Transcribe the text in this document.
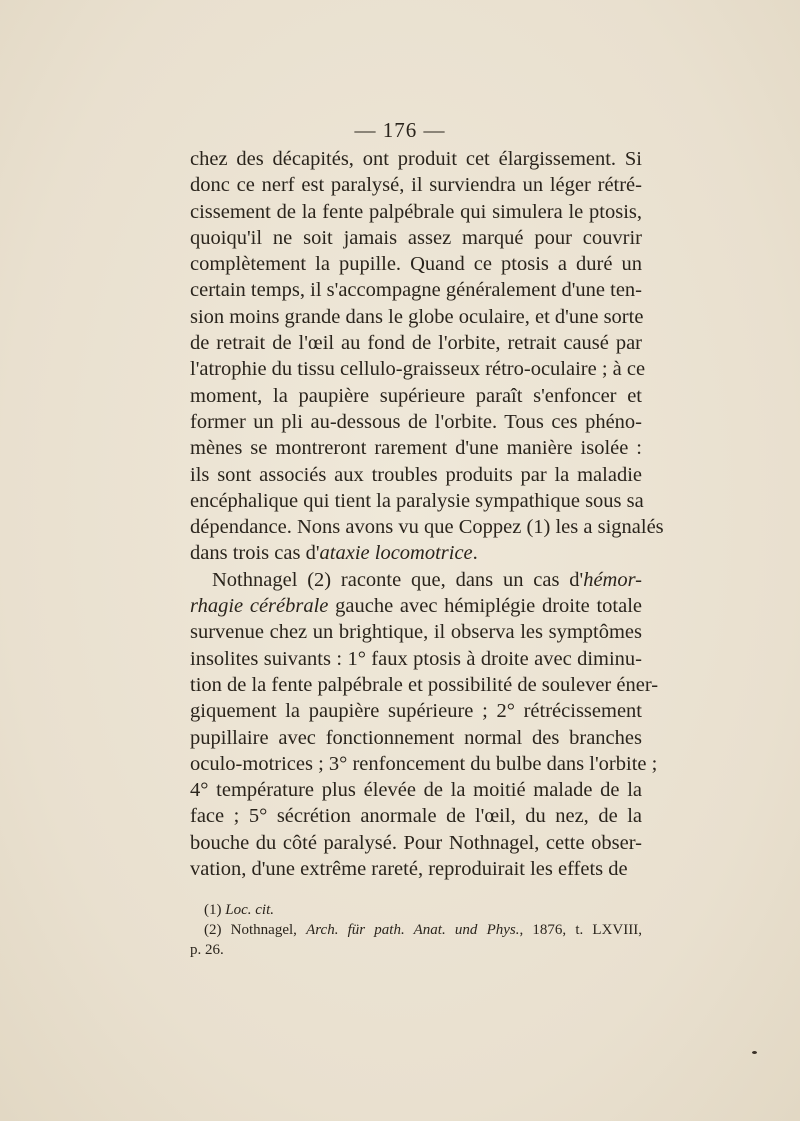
— 176 —
chez des décapités, ont produit cet élargissement. Si
donc ce nerf est paralysé, il surviendra un léger rétré-
cissement de la fente palpébrale qui simulera le ptosis,
quoiqu'il ne soit jamais assez marqué pour couvrir
complètement la pupille. Quand ce ptosis a duré un
certain temps, il s'accompagne généralement d'une ten-
sion moins grande dans le globe oculaire, et d'une sorte
de retrait de l'œil au fond de l'orbite, retrait causé par
l'atrophie du tissu cellulo-graisseux rétro-oculaire ; à ce
moment, la paupière supérieure paraît s'enfoncer et
former un pli au-dessous de l'orbite. Tous ces phéno-
mènes se montreront rarement d'une manière isolée :
ils sont associés aux troubles produits par la maladie
encéphalique qui tient la paralysie sympathique sous sa
dépendance. Nons avons vu que Coppez (1) les a signalés
dans trois cas d'ataxie locomotrice.
Nothnagel (2) raconte que, dans un cas d'hémor-
rhagie cérébrale gauche avec hémiplégie droite totale
survenue chez un brightique, il observa les symptômes
insolites suivants : 1° faux ptosis à droite avec diminu-
tion de la fente palpébrale et possibilité de soulever éner-
giquement la paupière supérieure ; 2° rétrécissement
pupillaire avec fonctionnement normal des branches
oculo-motrices ; 3° renfoncement du bulbe dans l'orbite ;
4° température plus élevée de la moitié malade de la
face ; 5° sécrétion anormale de l'œil, du nez, de la
bouche du côté paralysé. Pour Nothnagel, cette obser-
vation, d'une extrême rareté, reproduirait les effets de
(1) Loc. cit.
(2) Nothnagel, Arch. für path. Anat. und Phys., 1876, t. LXVIII,
p. 26.
